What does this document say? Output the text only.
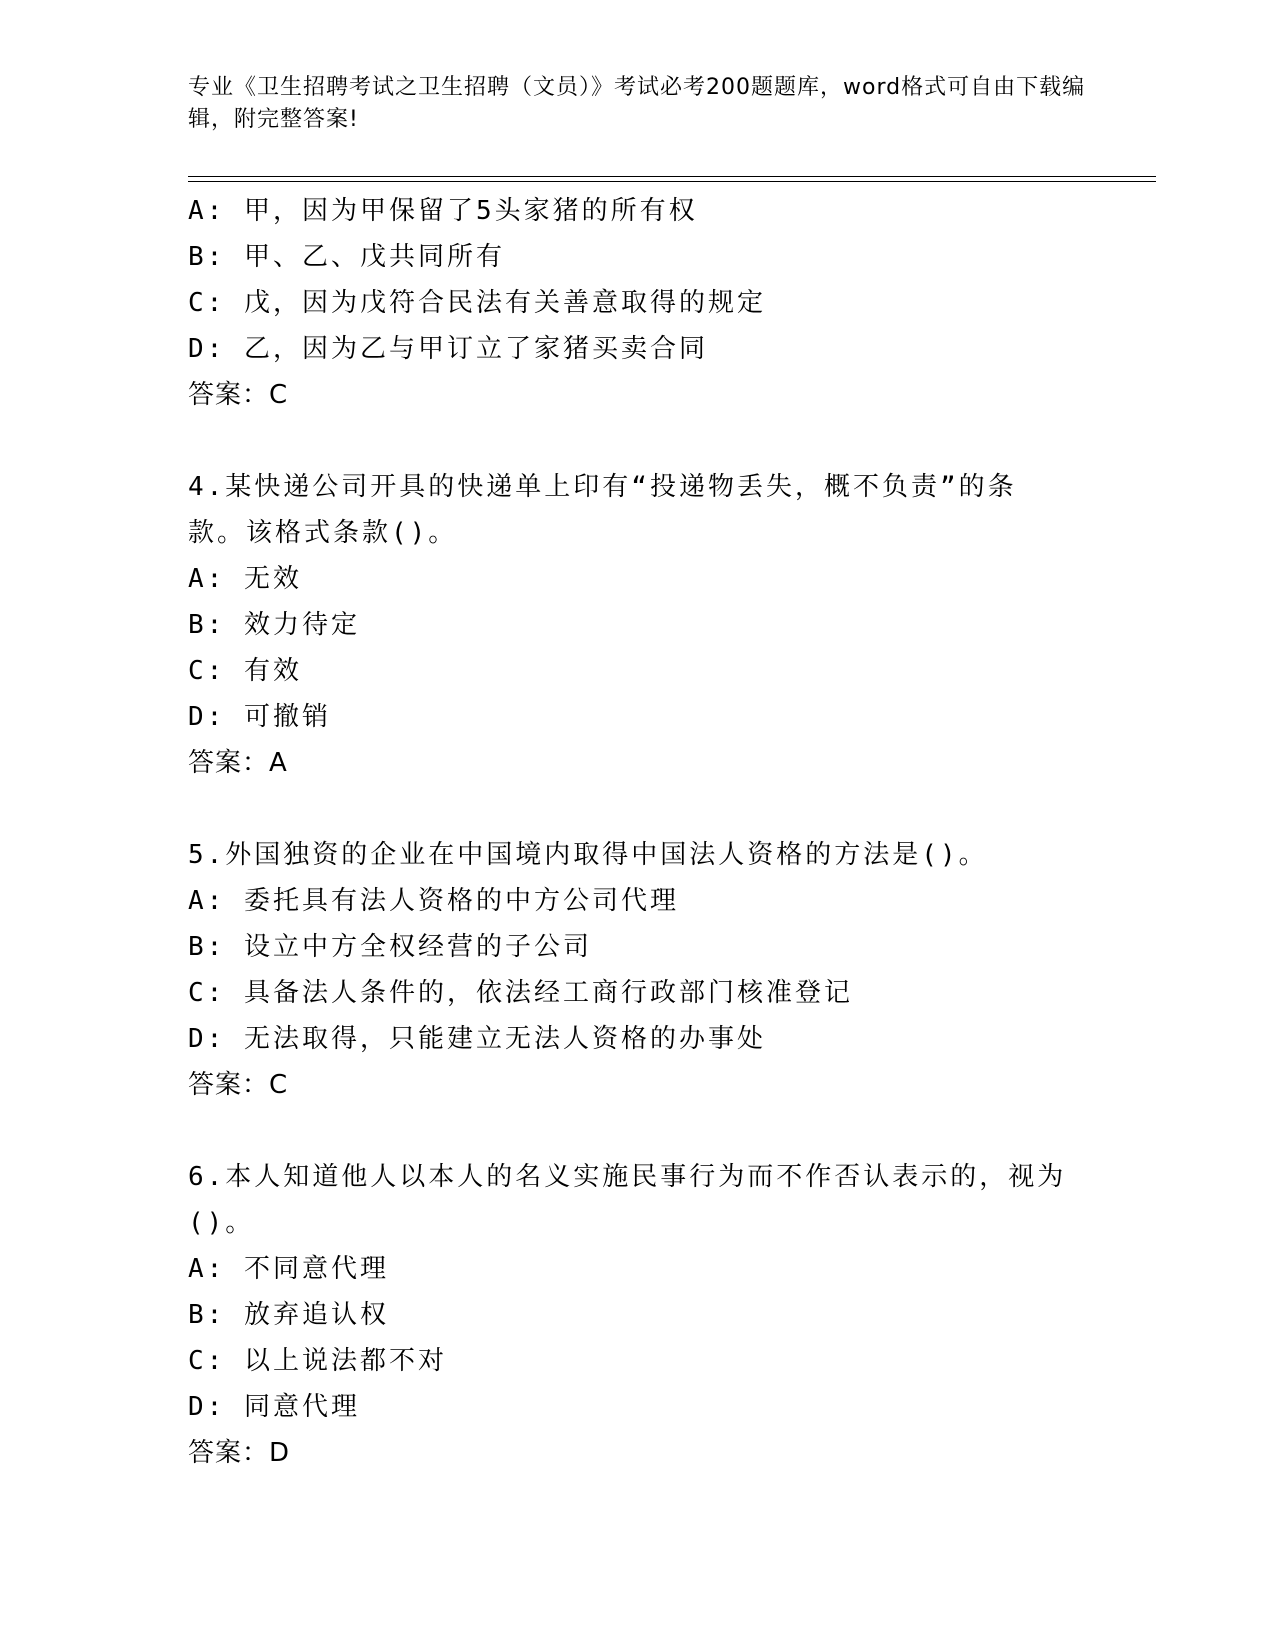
专业《卫生招聘考试之卫生招聘（文员）》考试必考200题题库，word格式可自由下载编辑，附完整答案!
A: 甲，因为甲保留了5头家猪的所有权
B: 甲、乙、戊共同所有
C: 戊，因为戊符合民法有关善意取得的规定
D: 乙，因为乙与甲订立了家猪买卖合同
答案：C
4.某快递公司开具的快递单上印有“投递物丢失，概不负责”的条款。该格式条款()。
A: 无效
B: 效力待定
C: 有效
D: 可撤销
答案：A
5.外国独资的企业在中国境内取得中国法人资格的方法是()。
A: 委托具有法人资格的中方公司代理
B: 设立中方全权经营的子公司
C: 具备法人条件的，依法经工商行政部门核准登记
D: 无法取得，只能建立无法人资格的办事处
答案：C
6.本人知道他人以本人的名义实施民事行为而不作否认表示的，视为()。
A: 不同意代理
B: 放弃追认权
C: 以上说法都不对
D: 同意代理
答案：D
